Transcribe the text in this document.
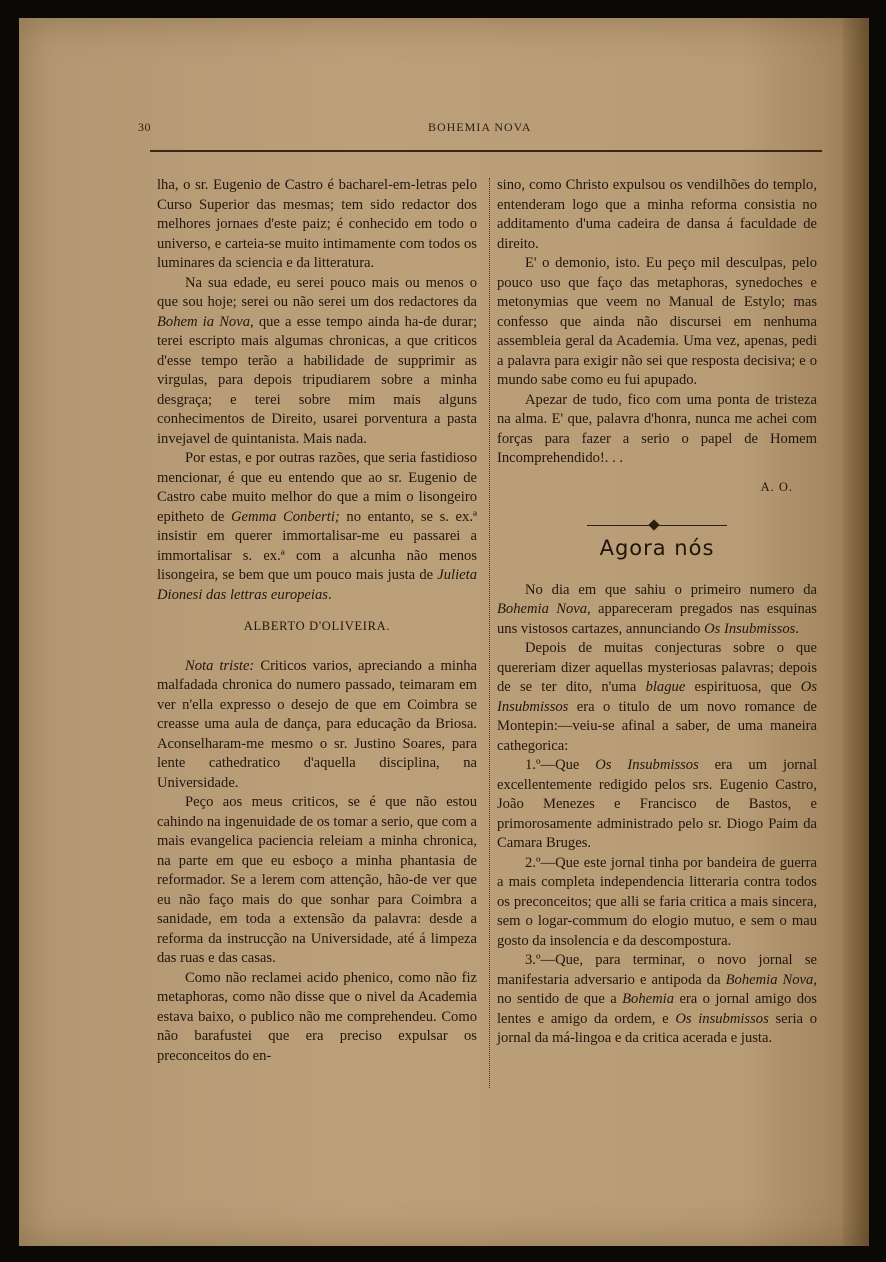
30	BOHEMIA NOVA

lha, o sr. Eugenio de Castro é bacharel-em-letras pelo Curso Superior das mesmas; tem sido redactor dos melhores jornaes d'este paiz; é conhecido em todo o universo, e carteia-se muito intimamente com todos os luminares da sciencia e da litteratura.

Na sua edade, eu serei pouco mais ou menos o que sou hoje; serei ou não serei um dos redactores da Bohem ia Nova, que a esse tempo ainda ha-de durar; terei escripto mais algumas chronicas, a que criticos d'esse tempo terão a habilidade de supprimir as virgulas, para depois tripudiarem sobre a minha desgraça; e terei sobre mim mais alguns conhecimentos de Direito, usarei porventura a pasta invejavel de quintanista. Mais nada.

Por estas, e por outras razões, que seria fastidioso mencionar, é que eu entendo que ao sr. Eugenio de Castro cabe muito melhor do que a mim o lisongeiro epitheto de Gemma Conberti; no entanto, se s. ex.ª insistir em querer immortalisar-me eu passarei a immortalisar s. ex.ª com a alcunha não menos lisongeira, se bem que um pouco mais justa de Julieta Dionesi das lettras europeias.

ALBERTO D'OLIVEIRA.

Nota triste: Criticos varios, apreciando a minha malfadada chronica do numero passado, teimaram em ver n'ella expresso o desejo de que em Coimbra se creasse uma aula de dança, para educação da Briosa. Aconselharam-me mesmo o sr. Justino Soares, para lente cathedratico d'aquella disciplina, na Universidade.

Peço aos meus criticos, se é que não estou cahindo na ingenuidade de os tomar a serio, que com a mais evangelica paciencia releiam a minha chronica, na parte em que eu esboço a minha phantasia de reformador. Se a lerem com attenção, hão-de ver que eu não faço mais do que sonhar para Coimbra a sanidade, em toda a extensão da palavra: desde a reforma da instrucção na Universidade, até á limpeza das ruas e das casas.

Como não reclamei acido phenico, como não fiz metaphoras, como não disse que o nivel da Academia estava baixo, o publico não me comprehendeu. Como não barafustei que era preciso expulsar os preconceitos do en-

sino, como Christo expulsou os vendilhões do templo, entenderam logo que a minha reforma consistia no additamento d'uma cadeira de dansa á faculdade de direito.

E' o demonio, isto. Eu peço mil desculpas, pelo pouco uso que faço das metaphoras, synedoches e metonymias que veem no Manual de Estylo; mas confesso que ainda não discursei em nenhuma assembleia geral da Academia. Uma vez, apenas, pedi a palavra para exigir não sei que resposta decisiva; e o mundo sabe como eu fui apupado.

Apezar de tudo, fico com uma ponta de tristeza na alma. E' que, palavra d'honra, nunca me achei com forças para fazer a serio o papel de Homem Incomprehendido!. . .

A. O.
Agora nós

No dia em que sahiu o primeiro numero da Bohemia Nova, appareceram pregados nas esquinas uns vistosos cartazes, annunciando Os Insubmissos.

Depois de muitas conjecturas sobre o que quereriam dizer aquellas mysteriosas palavras; depois de se ter dito, n'uma blague espirituosa, que Os Insubmissos era o titulo de um novo romance de Montepin:—veiu-se afinal a saber, de uma maneira cathegorica:

1.º—Que Os Insubmissos era um jornal excellentemente redigido pelos srs. Eugenio Castro, João Menezes e Francisco de Bastos, e primorosamente administrado pelo sr. Diogo Paim da Camara Bruges.

2.º—Que este jornal tinha por bandeira de guerra a mais completa independencia litteraria contra todos os preconceitos; que alli se faria critica a mais sincera, sem o logar-commum do elogio mutuo, e sem o mau gosto da insolencia e da descompostura.

3.º—Que, para terminar, o novo jornal se manifestaria adversario e antipoda da Bohemia Nova, no sentido de que a Bohemia era o jornal amigo dos lentes e amigo da ordem, e Os insubmissos seria o jornal da má-lingoa e da critica acerada e justa.
